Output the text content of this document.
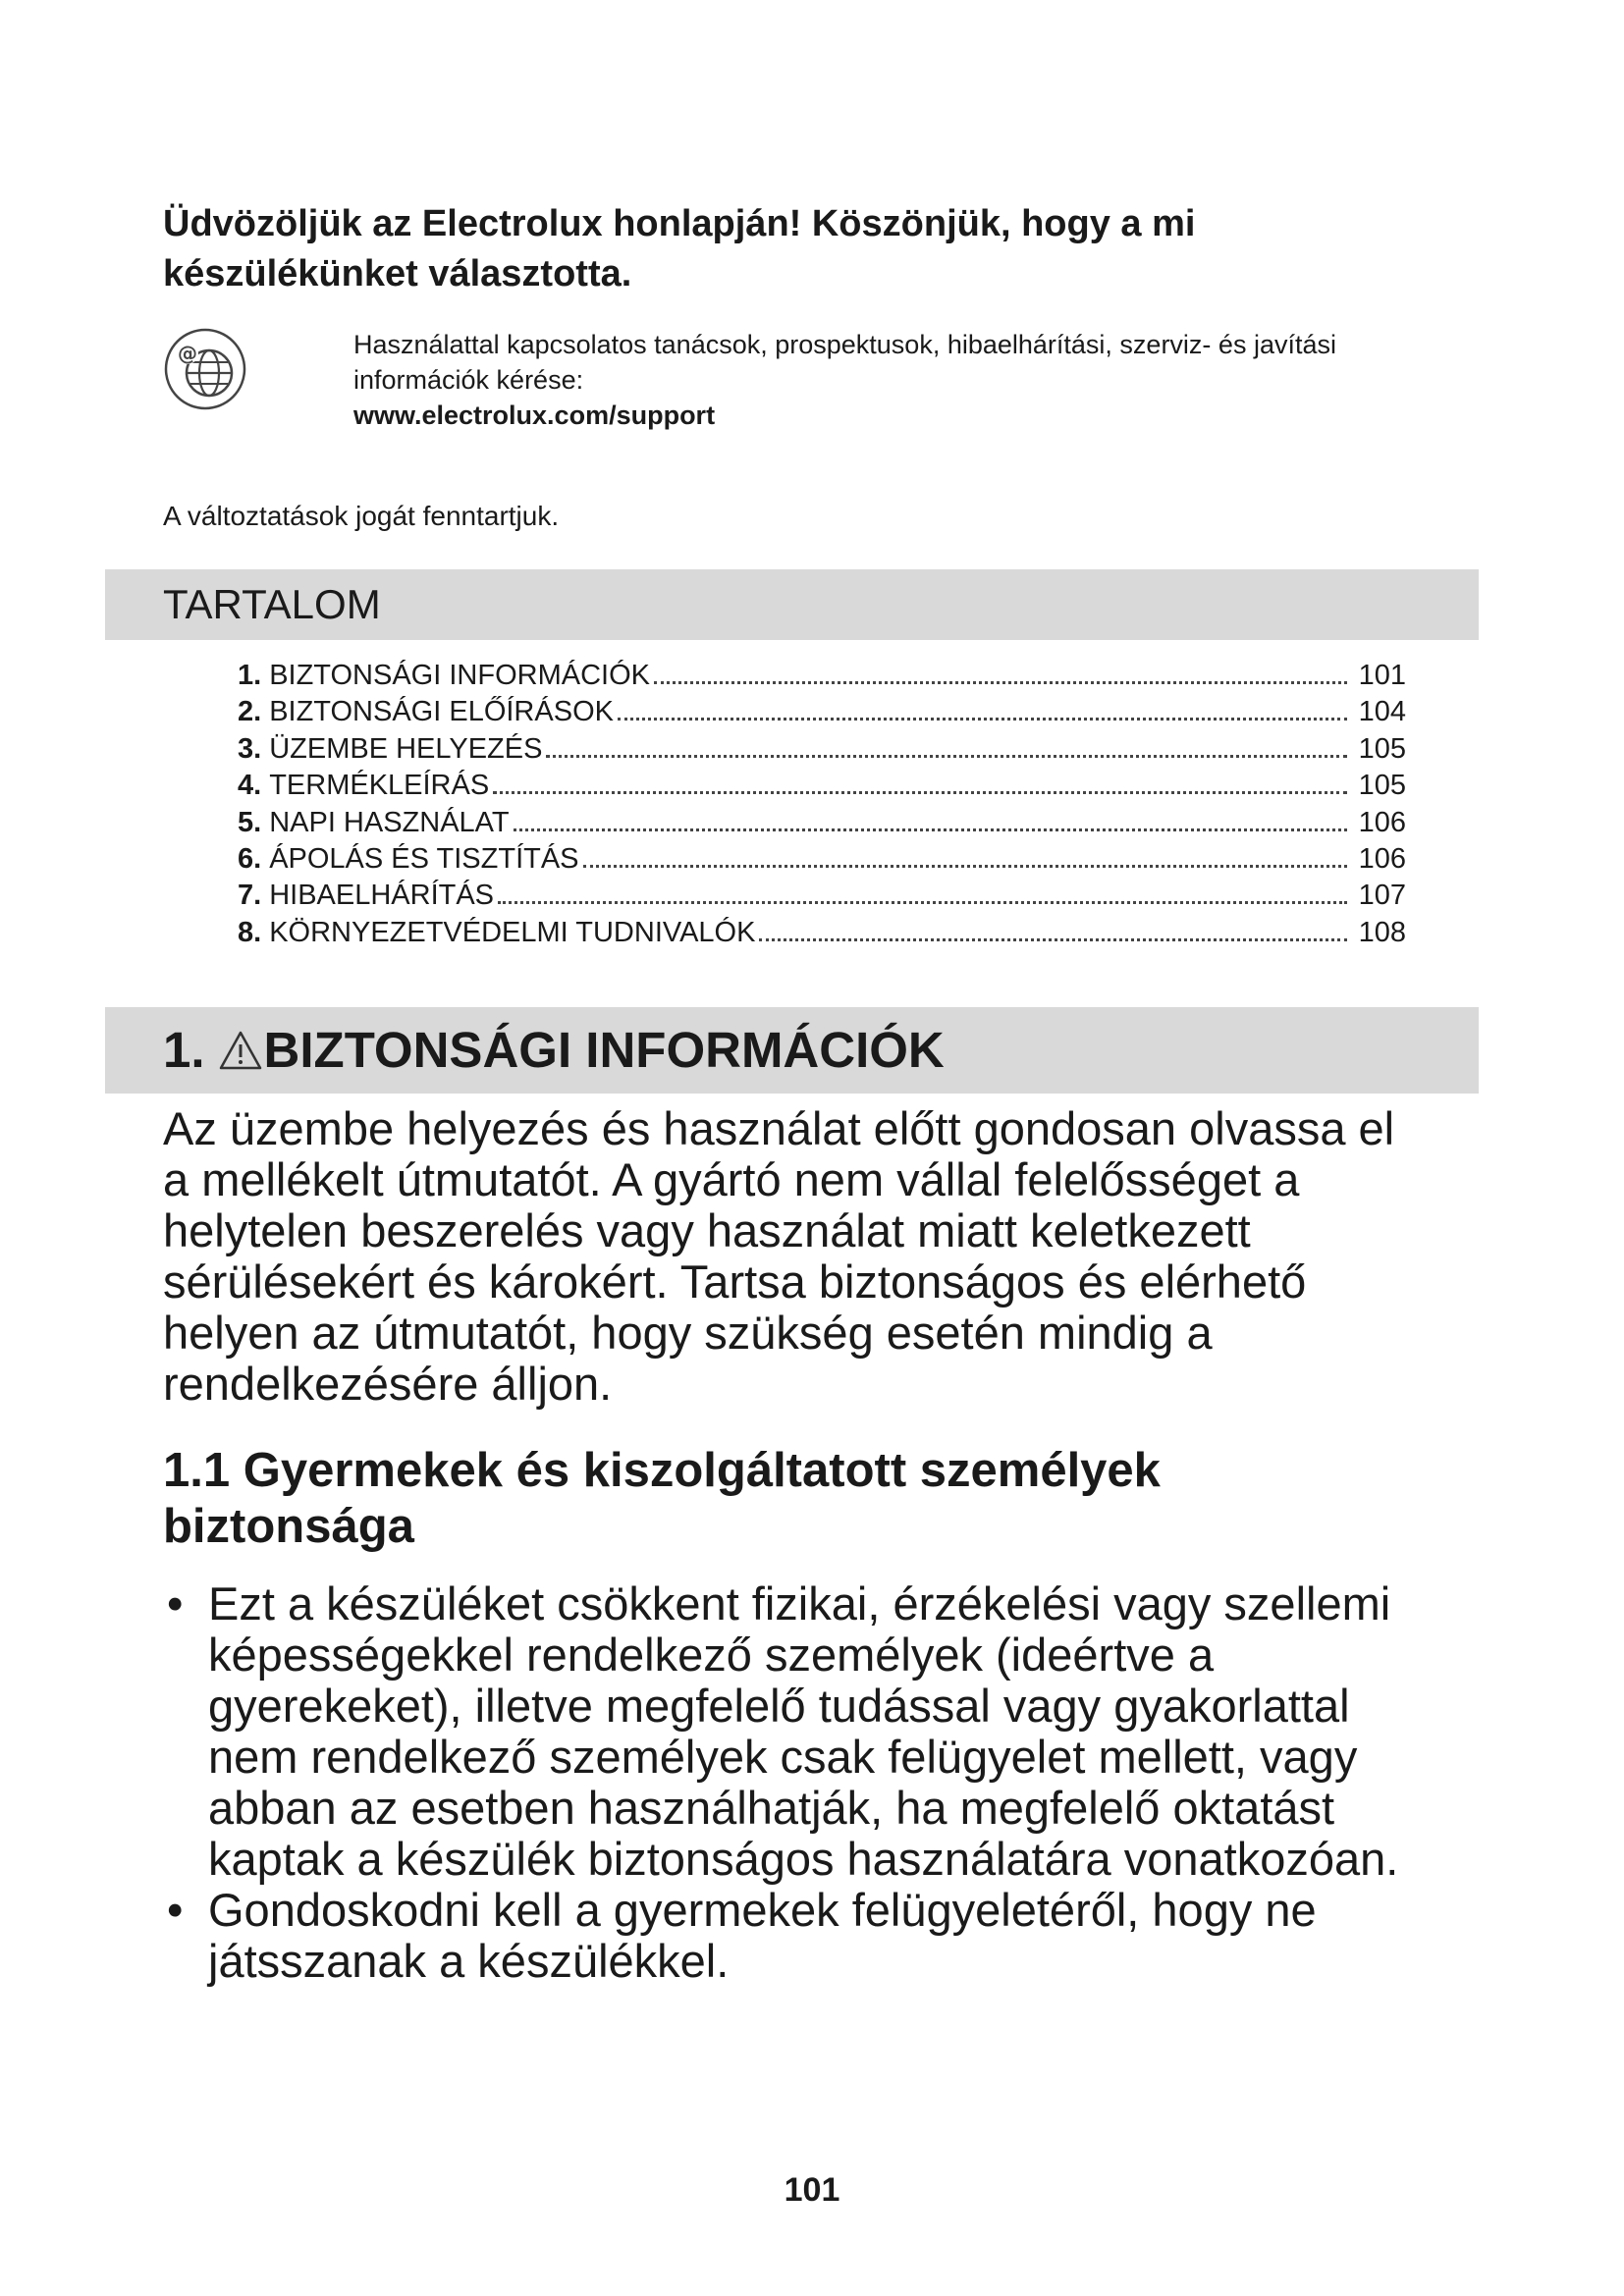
Üdvözöljük az Electrolux honlapján! Köszönjük, hogy a mi
készülékünket választotta.
@	Használattal kapcsolatos tanácsok, prospektusok, hibaelhárítási, szerviz- és javítási
információk kérése:
www.electrolux.com/support
A változtatások jogát fenntartjuk.
TARTALOM
1. BIZTONSÁGI INFORMÁCIÓK	101
2. BIZTONSÁGI ELŐÍRÁSOK	104
3. ÜZEMBE HELYEZÉS	105
4. TERMÉKLEÍRÁS	105
5. NAPI HASZNÁLAT	106
6. ÁPOLÁS ÉS TISZTÍTÁS	106
7. HIBAELHÁRÍTÁS	107
8. KÖRNYEZETVÉDELMI TUDNIVALÓK	108
1. BIZTONSÁGI INFORMÁCIÓK
Az üzembe helyezés és használat előtt gondosan olvassa el
a mellékelt útmutatót. A gyártó nem vállal felelősséget a
helytelen beszerelés vagy használat miatt keletkezett
sérülésekért és károkért. Tartsa biztonságos és elérhető
helyen az útmutatót, hogy szükség esetén mindig a
rendelkezésére álljon.
1.1 Gyermekek és kiszolgáltatott személyek
biztonsága
• Ezt a készüléket csökkent fizikai, érzékelési vagy szellemi
képességekkel rendelkező személyek (ideértve a
gyerekeket), illetve megfelelő tudással vagy gyakorlattal
nem rendelkező személyek csak felügyelet mellett, vagy
abban az esetben használhatják, ha megfelelő oktatást
kaptak a készülék biztonságos használatára vonatkozóan.
• Gondoskodni kell a gyermekek felügyeletéről, hogy ne
játsszanak a készülékkel.
101
